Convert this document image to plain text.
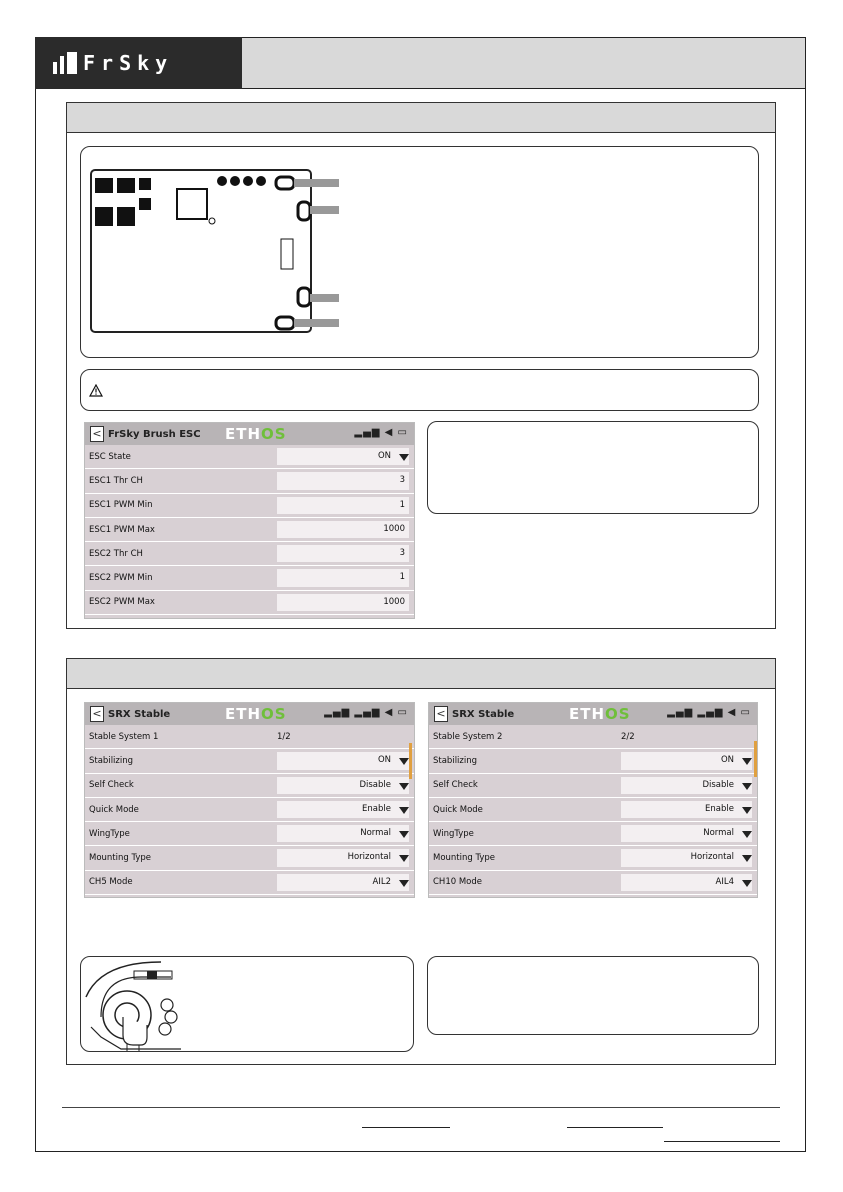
FrSky
< FrSky Brush ESC ETHOS	▂▄▆ ◀ ▭
ESC State	ON
ESC1 Thr CH	3
ESC1 PWM Min	1
ESC1 PWM Max	1000
ESC2 Thr CH	3
ESC2 PWM Min	1
ESC2 PWM Max	1000
< SRX Stable	ETHOS	▂▄▆ ▂▄▆ ◀ ▭
Stable System 1	1/2
Stabilizing	ON
Self Check	Disable
Quick Mode	Enable
WingType	Normal
Mounting Type	Horizontal
CH5 Mode	AIL2
< SRX Stable	ETHOS	▂▄▆ ▂▄▆ ◀ ▭
Stable System 2	2/2
Stabilizing	ON
Self Check	Disable
Quick Mode	Enable
WingType	Normal
Mounting Type	Horizontal
CH10 Mode	AIL4
